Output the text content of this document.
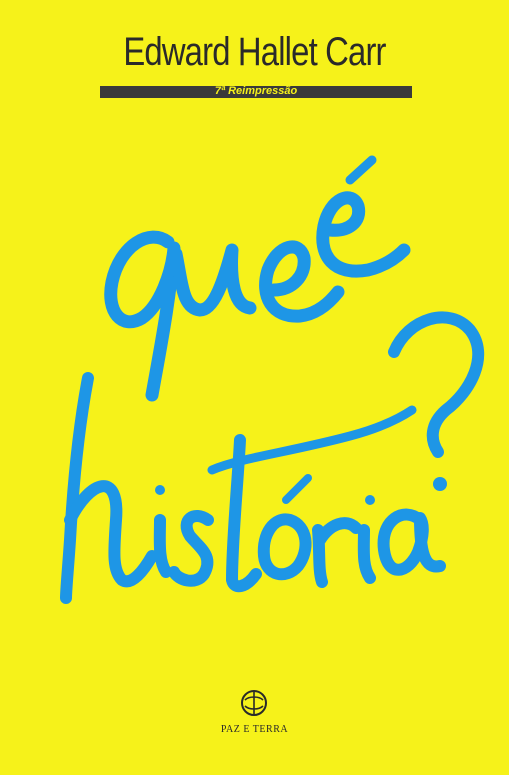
Edward Hallet Carr
7ª Reimpressão
PAZ E TERRA
